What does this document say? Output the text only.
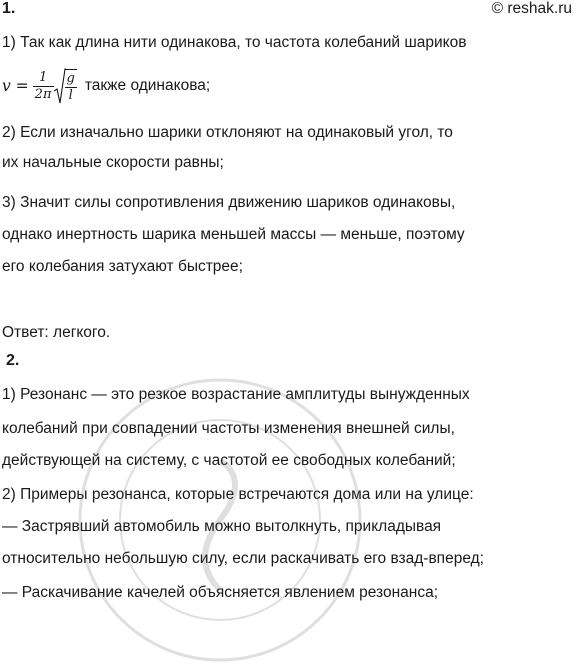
1.	© reshak.ru
1) Так как длина нити одинакова, то частота колебаний шариков
$v = \frac{1}{2\pi} \frac{g}{l}$ также одинакова;
2) Если изначально шарики отклоняют на одинаковый угол, то
их начальные скорости равны;
3) Значит силы сопротивления движению шариков одинаковы,
однако инертность шарика меньшей массы — меньше, поэтому
его колебания затухают быстрее;
Ответ: легкого.
2.
1) Резонанс — это резкое возрастание амплитуды вынужденных
колебаний при совпадении частоты изменения внешней силы,
действующей на систему, с частотой ее свободных колебаний;
2) Примеры резонанса, которые встречаются дома или на улице:
— Застрявший автомобиль можно вытолкнуть, прикладывая
относительно небольшую силу, если раскачивать его взад-вперед;
— Раскачивание качелей объясняется явлением резонанса;
